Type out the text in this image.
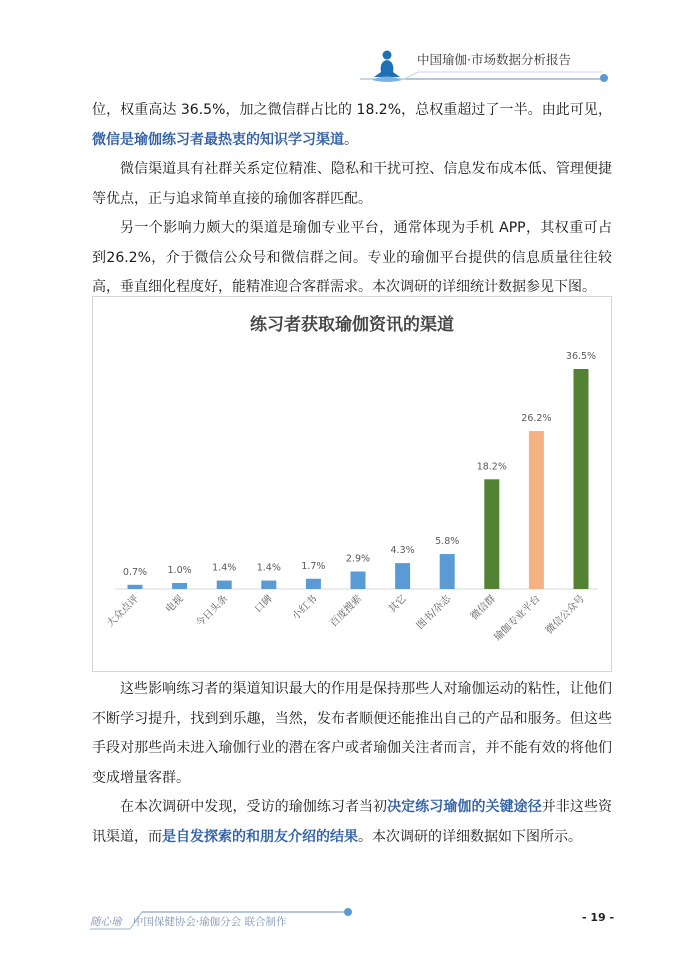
中国瑜伽·市场数据分析报告

位，权重高达 36.5%，加之微信群占比的 18.2%，总权重超过了一半。由此可见，微信是瑜伽练习者最热衷的知识学习渠道。

微信渠道具有社群关系定位精准、隐私和干扰可控、信息发布成本低、管理便捷等优点，正与追求简单直接的瑜伽客群匹配。

另一个影响力颇大的渠道是瑜伽专业平台，通常体现为手机 APP，其权重可占到26.2%，介于微信公众号和微信群之间。专业的瑜伽平台提供的信息质量往往较高，垂直细化程度好，能精准迎合客群需求。本次调研的详细统计数据参见下图。

练习者获取瑜伽资讯的渠道
0.7%
大众点评
1.0%
电视
1.4%
今日头条
1.4%
口碑
1.7%
小红书
2.9%
百度搜索
4.3%
其它
5.8%
图书/杂志
18.2%
微信群
26.2%
瑜伽专业平台
36.5%
微信公众号

这些影响练习者的渠道知识最大的作用是保持那些人对瑜伽运动的粘性，让他们不断学习提升，找到到乐趣，当然，发布者顺便还能推出自己的产品和服务。但这些手段对那些尚未进入瑜伽行业的潜在客户或者瑜伽关注者而言，并不能有效的将他们变成增量客群。

在本次调研中发现，受访的瑜伽练习者当初决定练习瑜伽的关键途径并非这些资讯渠道，而是自发探索的和朋友介绍的结果。本次调研的详细数据如下图所示。

随心瑜 中国保健协会·瑜伽分会 联合制作	- 19 -
